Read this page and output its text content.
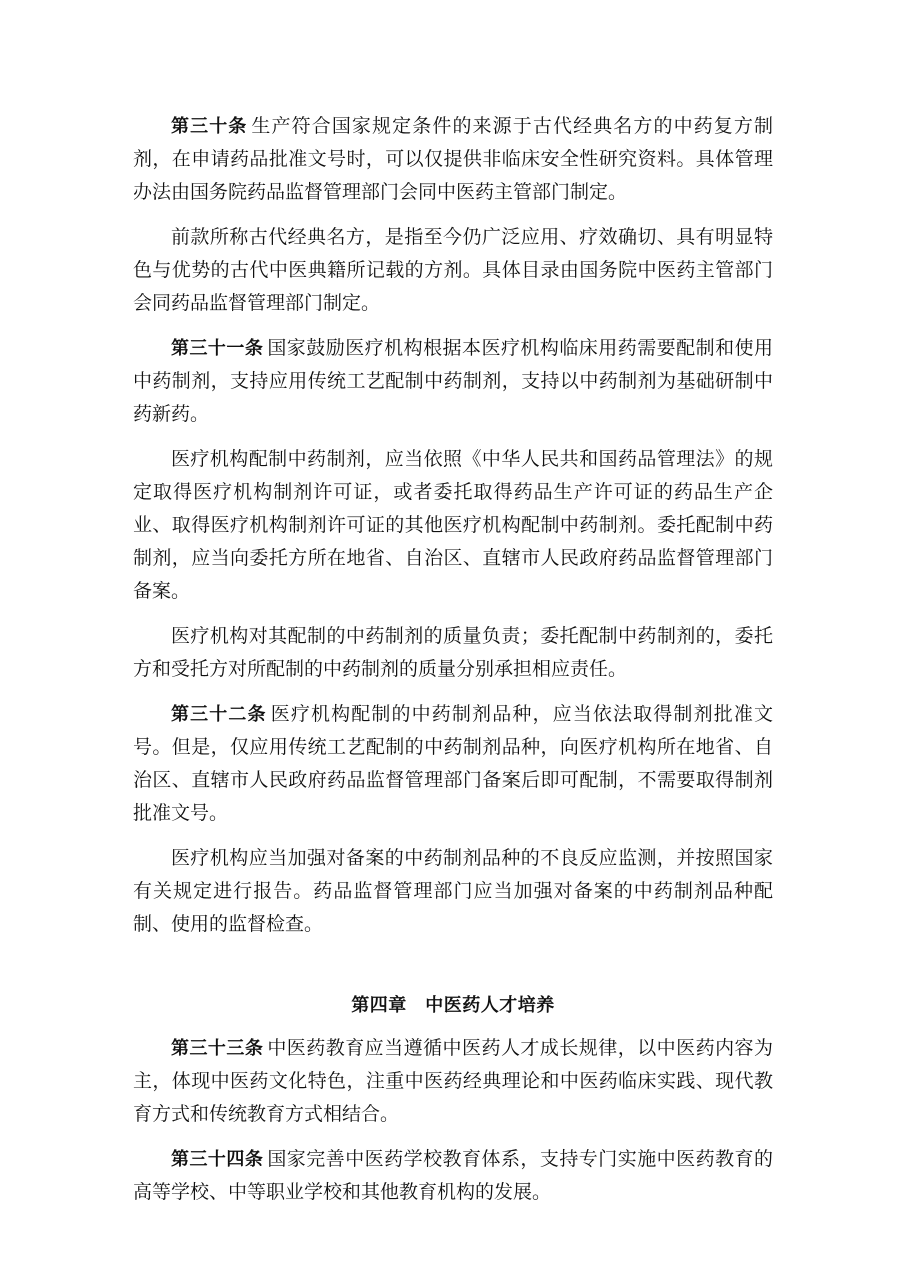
第三十条 生产符合国家规定条件的来源于古代经典名方的中药复方制剂，在申请药品批准文号时，可以仅提供非临床安全性研究资料。具体管理办法由国务院药品监督管理部门会同中医药主管部门制定。

前款所称古代经典名方，是指至今仍广泛应用、疗效确切、具有明显特色与优势的古代中医典籍所记载的方剂。具体目录由国务院中医药主管部门会同药品监督管理部门制定。

第三十一条 国家鼓励医疗机构根据本医疗机构临床用药需要配制和使用中药制剂，支持应用传统工艺配制中药制剂，支持以中药制剂为基础研制中药新药。

医疗机构配制中药制剂，应当依照《中华人民共和国药品管理法》的规定取得医疗机构制剂许可证，或者委托取得药品生产许可证的药品生产企业、取得医疗机构制剂许可证的其他医疗机构配制中药制剂。委托配制中药制剂，应当向委托方所在地省、自治区、直辖市人民政府药品监督管理部门备案。

医疗机构对其配制的中药制剂的质量负责；委托配制中药制剂的，委托方和受托方对所配制的中药制剂的质量分别承担相应责任。

第三十二条 医疗机构配制的中药制剂品种，应当依法取得制剂批准文号。但是，仅应用传统工艺配制的中药制剂品种，向医疗机构所在地省、自治区、直辖市人民政府药品监督管理部门备案后即可配制，不需要取得制剂批准文号。

医疗机构应当加强对备案的中药制剂品种的不良反应监测，并按照国家有关规定进行报告。药品监督管理部门应当加强对备案的中药制剂品种配制、使用的监督检查。

第四章　中医药人才培养

第三十三条 中医药教育应当遵循中医药人才成长规律，以中医药内容为主，体现中医药文化特色，注重中医药经典理论和中医药临床实践、现代教育方式和传统教育方式相结合。

第三十四条 国家完善中医药学校教育体系，支持专门实施中医药教育的高等学校、中等职业学校和其他教育机构的发展。
